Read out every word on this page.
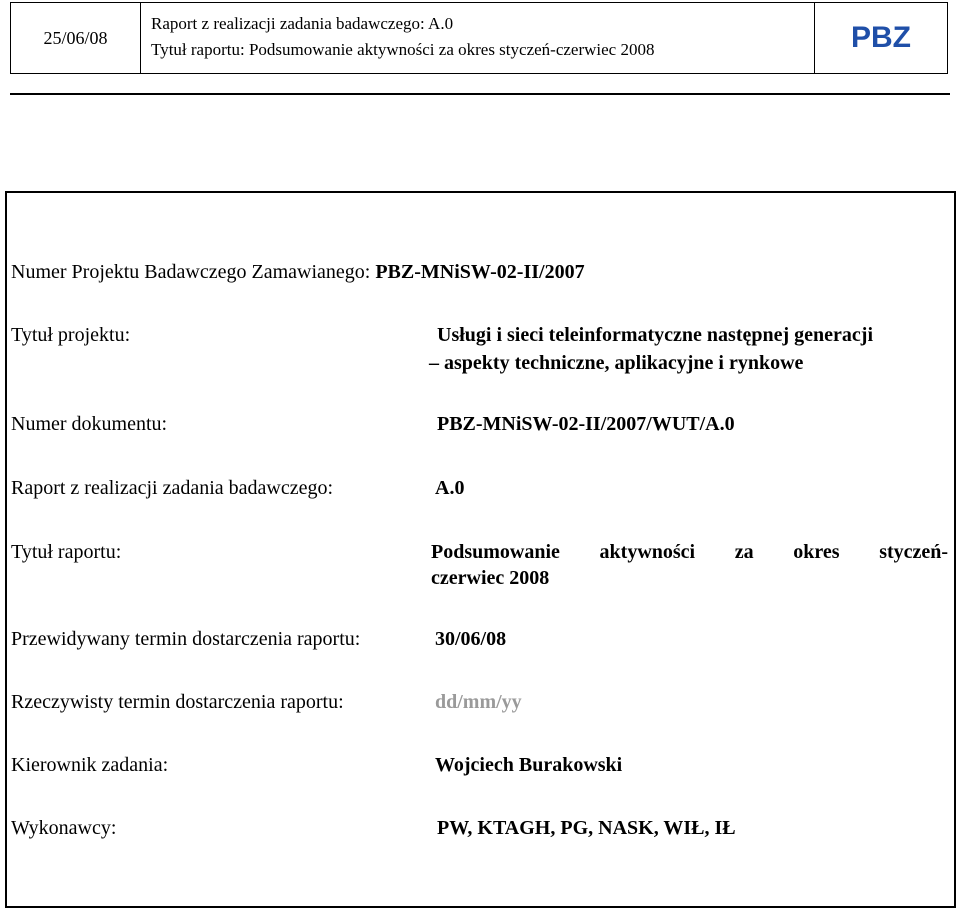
25/06/08
Raport z realizacji zadania badawczego: A.0
Tytuł raportu: Podsumowanie aktywności za okres styczeń-czerwiec 2008	PBZ
Numer Projektu Badawczego Zamawianego: PBZ-MNiSW-02-II/2007
Tytuł projektu:	Usługi i sieci teleinformatyczne następnej generacji
– aspekty techniczne, aplikacyjne i rynkowe
Numer dokumentu:	PBZ-MNiSW-02-II/2007/WUT/A.0
Raport z realizacji zadania badawczego:	A.0
Tytuł raportu:	Podsumowanie aktywności za okres styczeń-
czerwiec 2008
Przewidywany termin dostarczenia raportu:	30/06/08
Rzeczywisty termin dostarczenia raportu:	dd/mm/yy
Kierownik zadania:	Wojciech Burakowski
Wykonawcy:	PW, KTAGH, PG, NASK, WIŁ, IŁ
